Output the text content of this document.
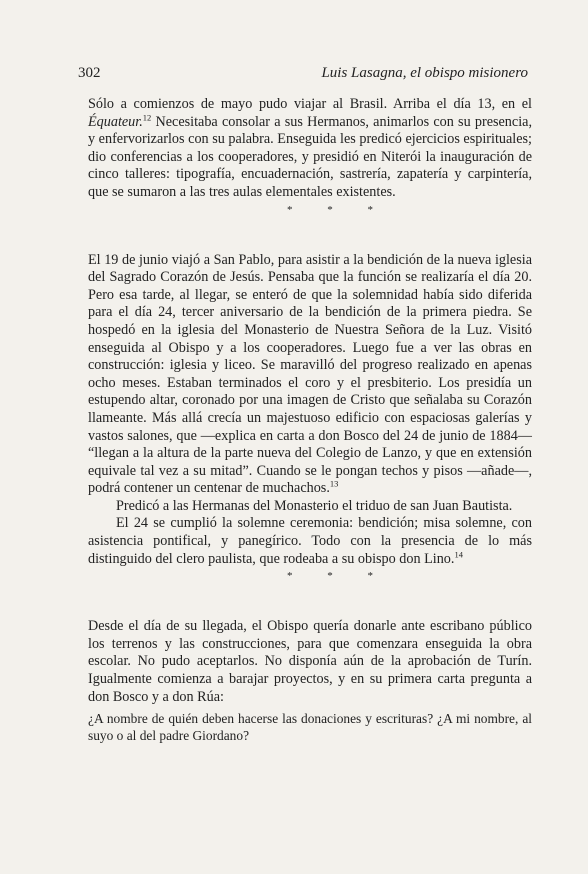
302	Luis Lasagna, el obispo misionero

Sólo a comienzos de mayo pudo viajar al Brasil. Arriba el día 13, en el Équateur.$^{12}$ Necesitaba consolar a sus Hermanos, animarlos con su presencia, y enfervorizarlos con su palabra. Enseguida les predicó ejercicios espirituales; dio conferencias a los cooperadores, y presidió en Niterói la inauguración de cinco talleres: tipografía, encuadernación, sastrería, zapatería y carpintería, que se sumaron a las tres aulas elementales existentes.

* * *

El 19 de junio viajó a San Pablo, para asistir a la bendición de la nueva iglesia del Sagrado Corazón de Jesús. Pensaba que la función se realizaría el día 20. Pero esa tarde, al llegar, se enteró de que la solemnidad había sido diferida para el día 24, tercer aniversario de la bendición de la primera piedra. Se hospedó en la iglesia del Monasterio de Nuestra Señora de la Luz. Visitó enseguida al Obispo y a los cooperadores. Luego fue a ver las obras en construcción: iglesia y liceo. Se maravilló del progreso realizado en apenas ocho meses. Estaban terminados el coro y el presbiterio. Los presidía un estupendo altar, coronado por una imagen de Cristo que señalaba su Corazón llameante. Más allá crecía un majestuoso edificio con espaciosas galerías y vastos salones, que —explica en carta a don Bosco del 24 de junio de 1884— “llegan a la altura de la parte nueva del Colegio de Lanzo, y que en extensión equivale tal vez a su mitad”. Cuando se le pongan techos y pisos —añade—, podrá contener un centenar de muchachos.$^{13}$

Predicó a las Hermanas del Monasterio el triduo de san Juan Bautista.

El 24 se cumplió la solemne ceremonia: bendición; misa solemne, con asistencia pontifical, y panegírico. Todo con la presencia de lo más distinguido del clero paulista, que rodeaba a su obispo don Lino.$^{14}$

* * *

Desde el día de su llegada, el Obispo quería donarle ante escribano público los terrenos y las construcciones, para que comenzara enseguida la obra escolar. No pudo aceptarlos. No disponía aún de la aprobación de Turín. Igualmente comienza a barajar proyectos, y en su primera carta pregunta a don Bosco y a don Rúa:

¿A nombre de quién deben hacerse las donaciones y escrituras? ¿A mi nombre, al suyo o al del padre Giordano?
